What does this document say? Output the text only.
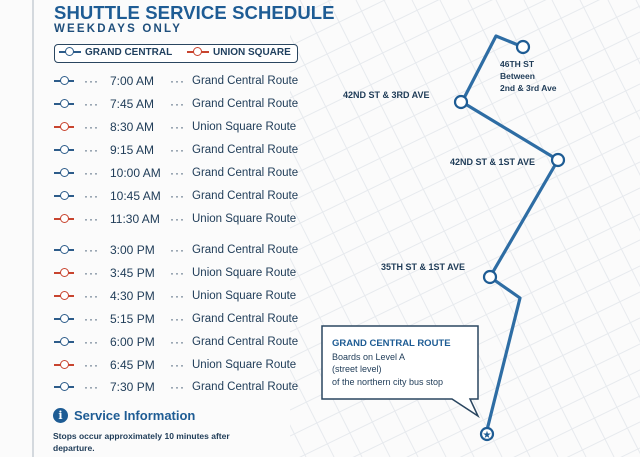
★
46TH ST
Between
2nd & 3rd Ave
42ND ST & 3RD AVE
42ND ST & 1ST AVE
35TH ST & 1ST AVE
GRAND CENTRAL ROUTE
Boards on Level A
(street level)
of the northern city bus stop
SHUTTLE SERVICE SCHEDULE
WEEKDAYS ONLY
GRAND CENTRAL	UNION SQUARE
··· 7:00 AM	··· Grand Central Route
··· 7:45 AM	··· Grand Central Route
··· 8:30 AM	··· Union Square Route
··· 9:15 AM	··· Grand Central Route
··· 10:00 AM ··· Grand Central Route
··· 10:45 AM ··· Grand Central Route
··· 11:30 AM ··· Union Square Route
··· 3:00 PM	··· Grand Central Route
··· 3:45 PM	··· Union Square Route
··· 4:30 PM	··· Union Square Route
··· 5:15 PM	··· Grand Central Route
··· 6:00 PM	··· Grand Central Route
··· 6:45 PM	··· Union Square Route
··· 7:30 PM	··· Grand Central Route
i Service Information
Stops occur approximately 10 minutes after departure.
